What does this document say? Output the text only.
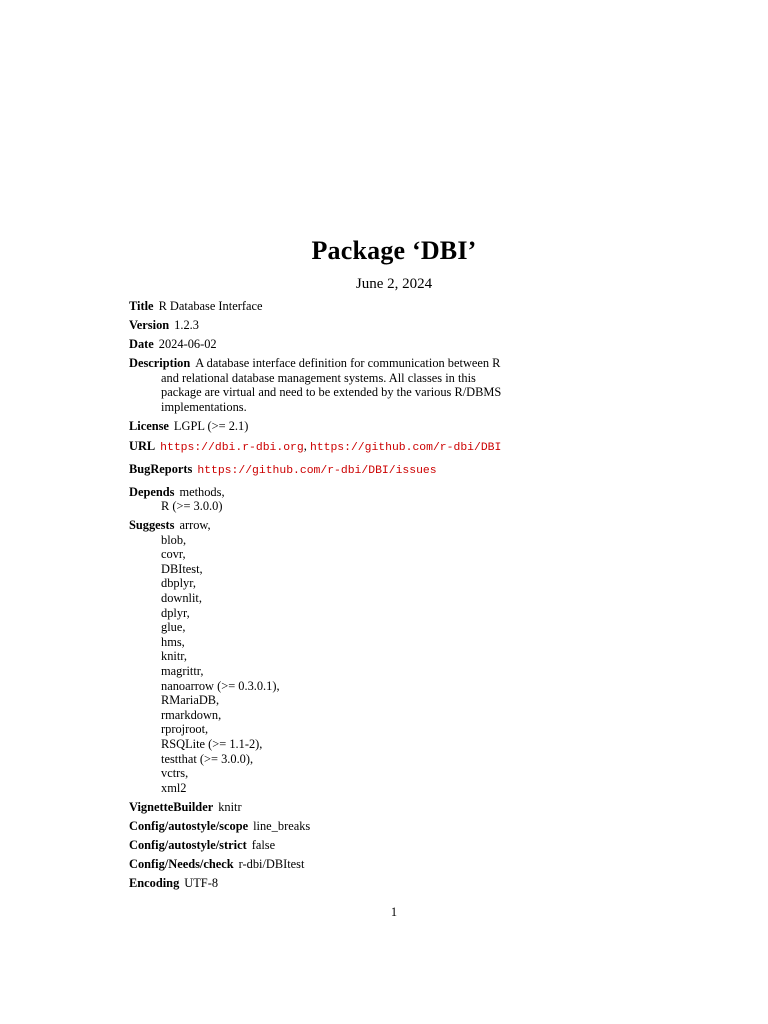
Package ‘DBI’
June 2, 2024
Title R Database Interface
Version 1.2.3
Date 2024-06-02
Description A database interface definition for communication between R
and relational database management systems. All classes in this
package are virtual and need to be extended by the various R/DBMS
implementations.
License LGPL (>= 2.1)
URL https://dbi.r-dbi.org, https://github.com/r-dbi/DBI
BugReports https://github.com/r-dbi/DBI/issues
Depends methods,
R (>= 3.0.0)
Suggests arrow,
blob,
covr,
DBItest,
dbplyr,
downlit,
dplyr,
glue,
hms,
knitr,
magrittr,
nanoarrow (>= 0.3.0.1),
RMariaDB,
rmarkdown,
rprojroot,
RSQLite (>= 1.1-2),
testthat (>= 3.0.0),
vctrs,
xml2
VignetteBuilder knitr
Config/autostyle/scope line_breaks
Config/autostyle/strict false
Config/Needs/check r-dbi/DBItest
Encoding UTF-8
1
